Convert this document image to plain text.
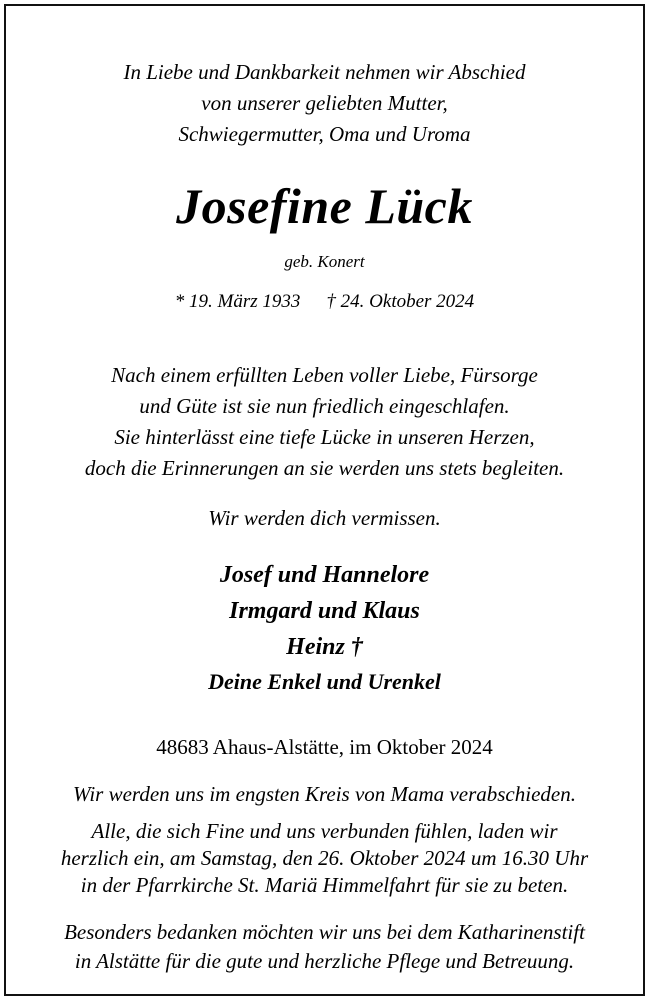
In Liebe und Dankbarkeit nehmen wir Abschied
von unserer geliebten Mutter,
Schwiegermutter, Oma und Uroma
Josefine Lück
geb. Konert
* 19. März 1933 † 24. Oktober 2024
Nach einem erfüllten Leben voller Liebe, Fürsorge
und Güte ist sie nun friedlich eingeschlafen.
Sie hinterlässt eine tiefe Lücke in unseren Herzen,
doch die Erinnerungen an sie werden uns stets begleiten.
Wir werden dich vermissen.
Josef und Hannelore
Irmgard und Klaus
Heinz †
Deine Enkel und Urenkel
48683 Ahaus-Alstätte, im Oktober 2024
Wir werden uns im engsten Kreis von Mama verabschieden.
Alle, die sich Fine und uns verbunden fühlen, laden wir
herzlich ein, am Samstag, den 26. Oktober 2024 um 16.30 Uhr
in der Pfarrkirche St. Mariä Himmelfahrt für sie zu beten.
Besonders bedanken möchten wir uns bei dem Katharinenstift
in Alstätte für die gute und herzliche Pflege und Betreuung.
